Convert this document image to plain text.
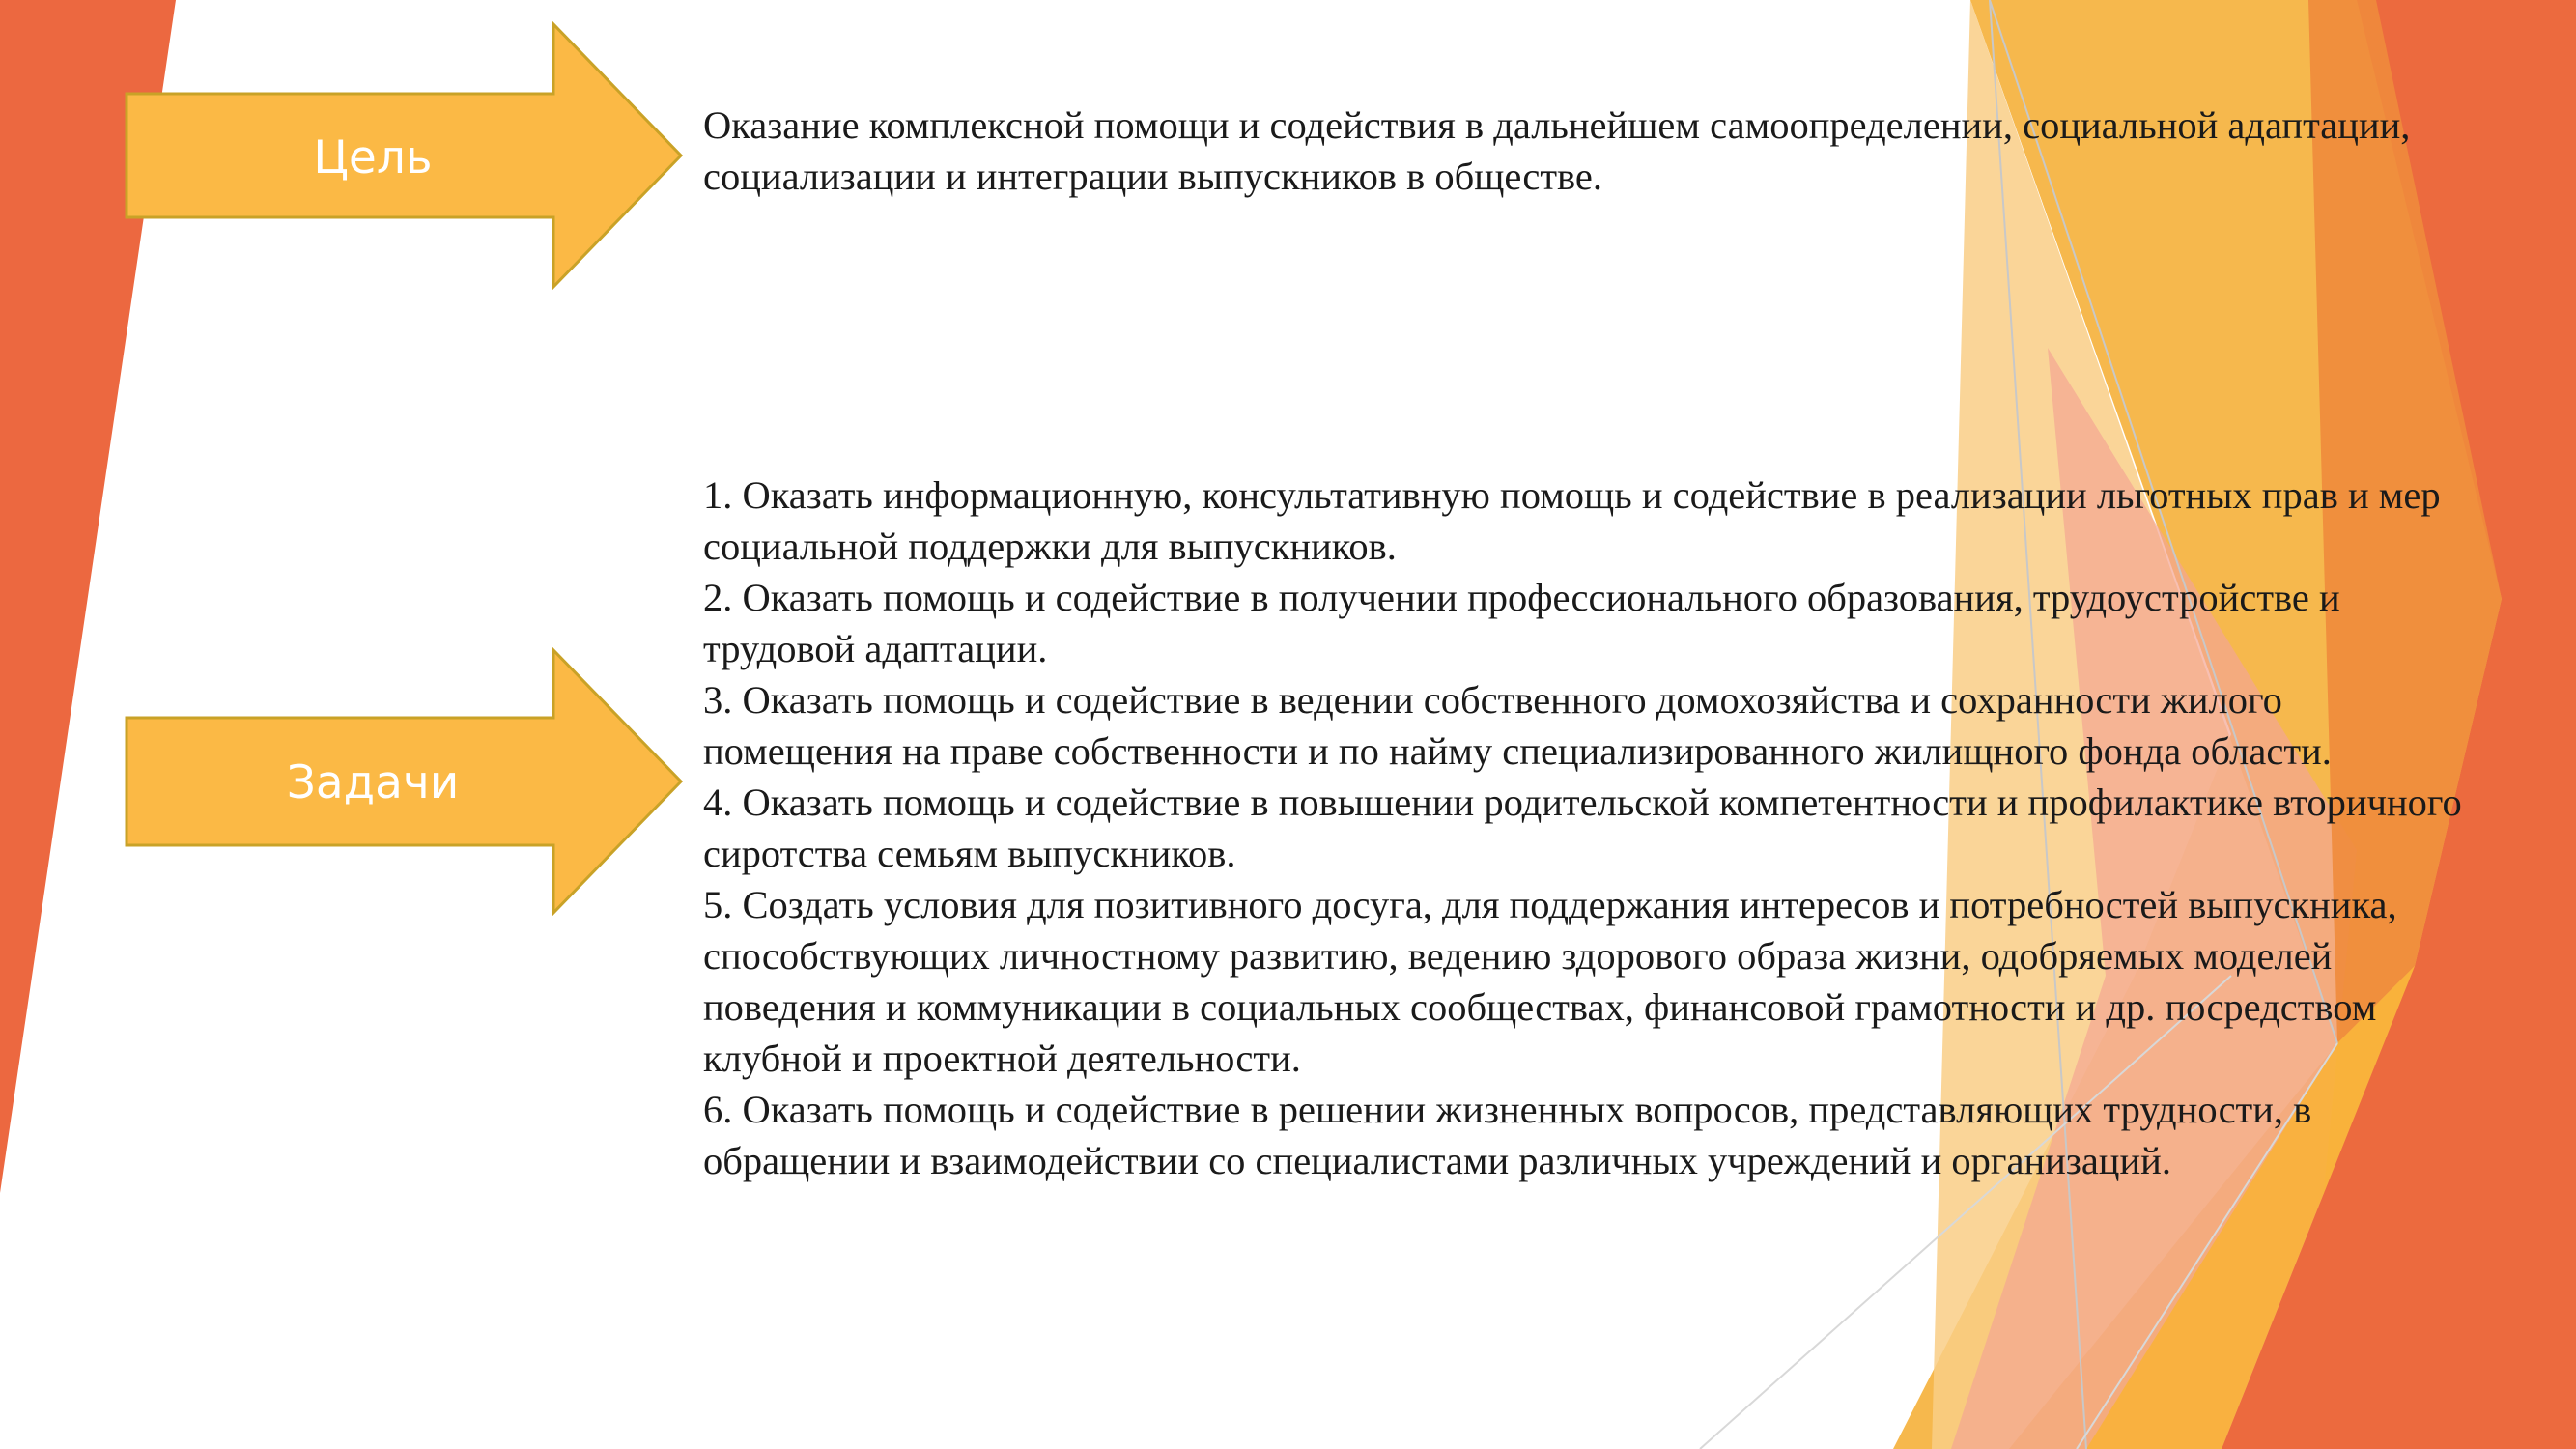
Цель

Оказание комплексной помощи и содействия в дальнейшем самоопределении, социальной адаптации, социализации и интеграции выпускников в обществе.

Задачи
1. Оказать информационную, консультативную помощь и содействие в реализации льготных прав и мер социальной поддержки для выпускников.
2. Оказать помощь и содействие в получении профессионального образования, трудоустройстве и трудовой адаптации.
3. Оказать помощь и содействие в ведении собственного домохозяйства и сохранности жилого помещения на праве собственности и по найму специализированного жилищного фонда области.
4. Оказать помощь и содействие в повышении родительской компетентности и профилактике вторичного сиротства семьям выпускников.
5. Создать условия для позитивного досуга, для поддержания интересов и потребностей выпускника, способствующих личностному развитию, ведению здорового образа жизни, одобряемых моделей поведения и коммуникации в социальных сообществах, финансовой грамотности и др. посредством клубной и проектной деятельности.
6. Оказать помощь и содействие в решении жизненных вопросов, представляющих трудности, в обращении и взаимодействии со специалистами различных учреждений и организаций.
